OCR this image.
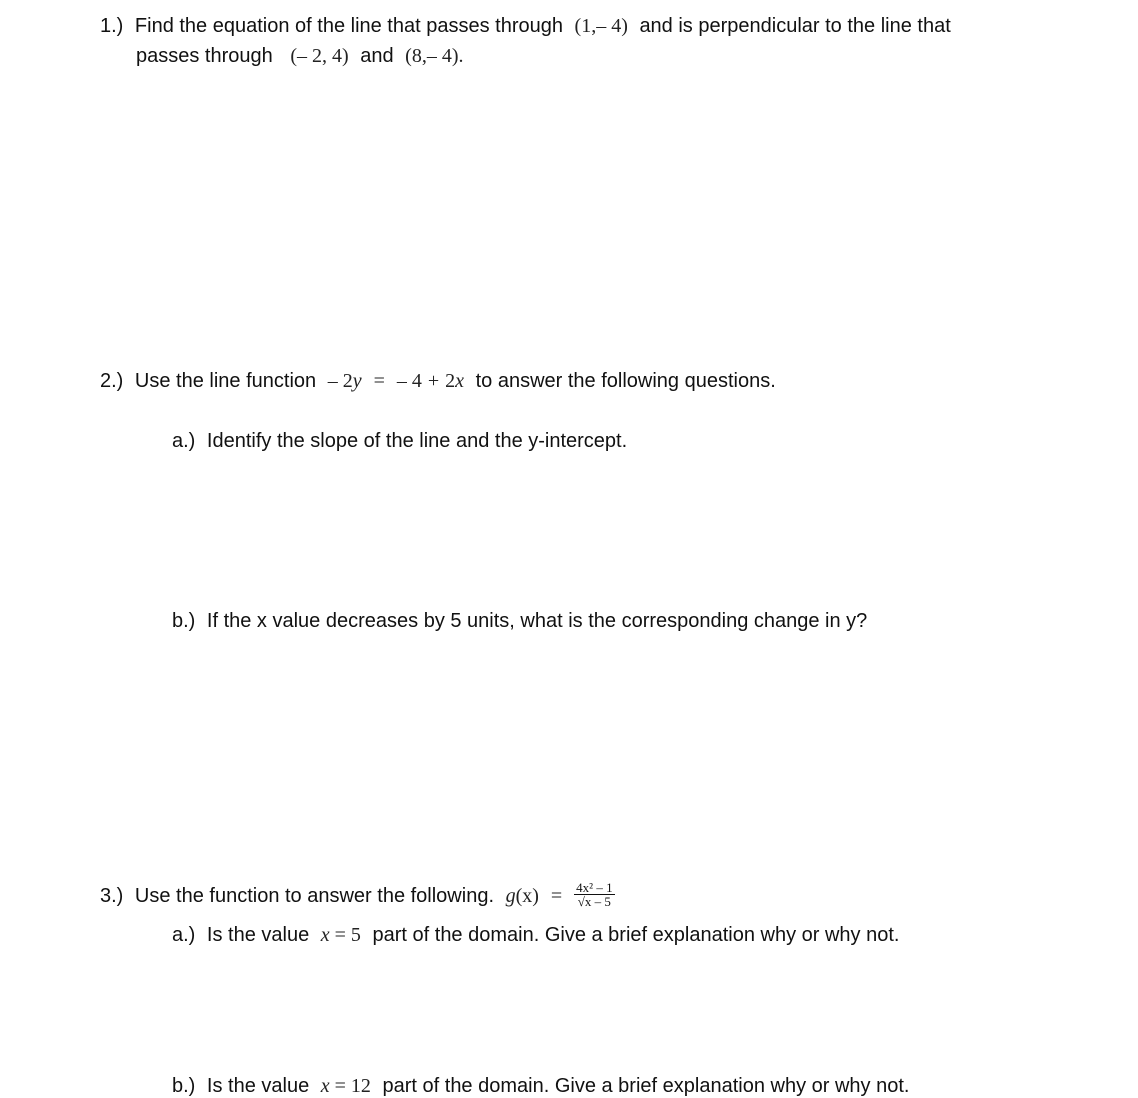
1.) Find the equation of the line that passes through (1,– 4) and is perpendicular to the line that
passes through (– 2, 4) and (8,– 4).
2.) Use the line function – 2y = – 4 + 2x to answer the following questions.
a.) Identify the slope of the line and the y-intercept.
b.) If the x value decreases by 5 units, what is the corresponding change in y?
3.) Use the function to answer the following. $g(x) = \frac{\text{4x² – 1}}{√x - 5}$
a.) Is the value x = 5 part of the domain. Give a brief explanation why or why not.
b.) Is the value x = 12 part of the domain. Give a brief explanation why or why not.
